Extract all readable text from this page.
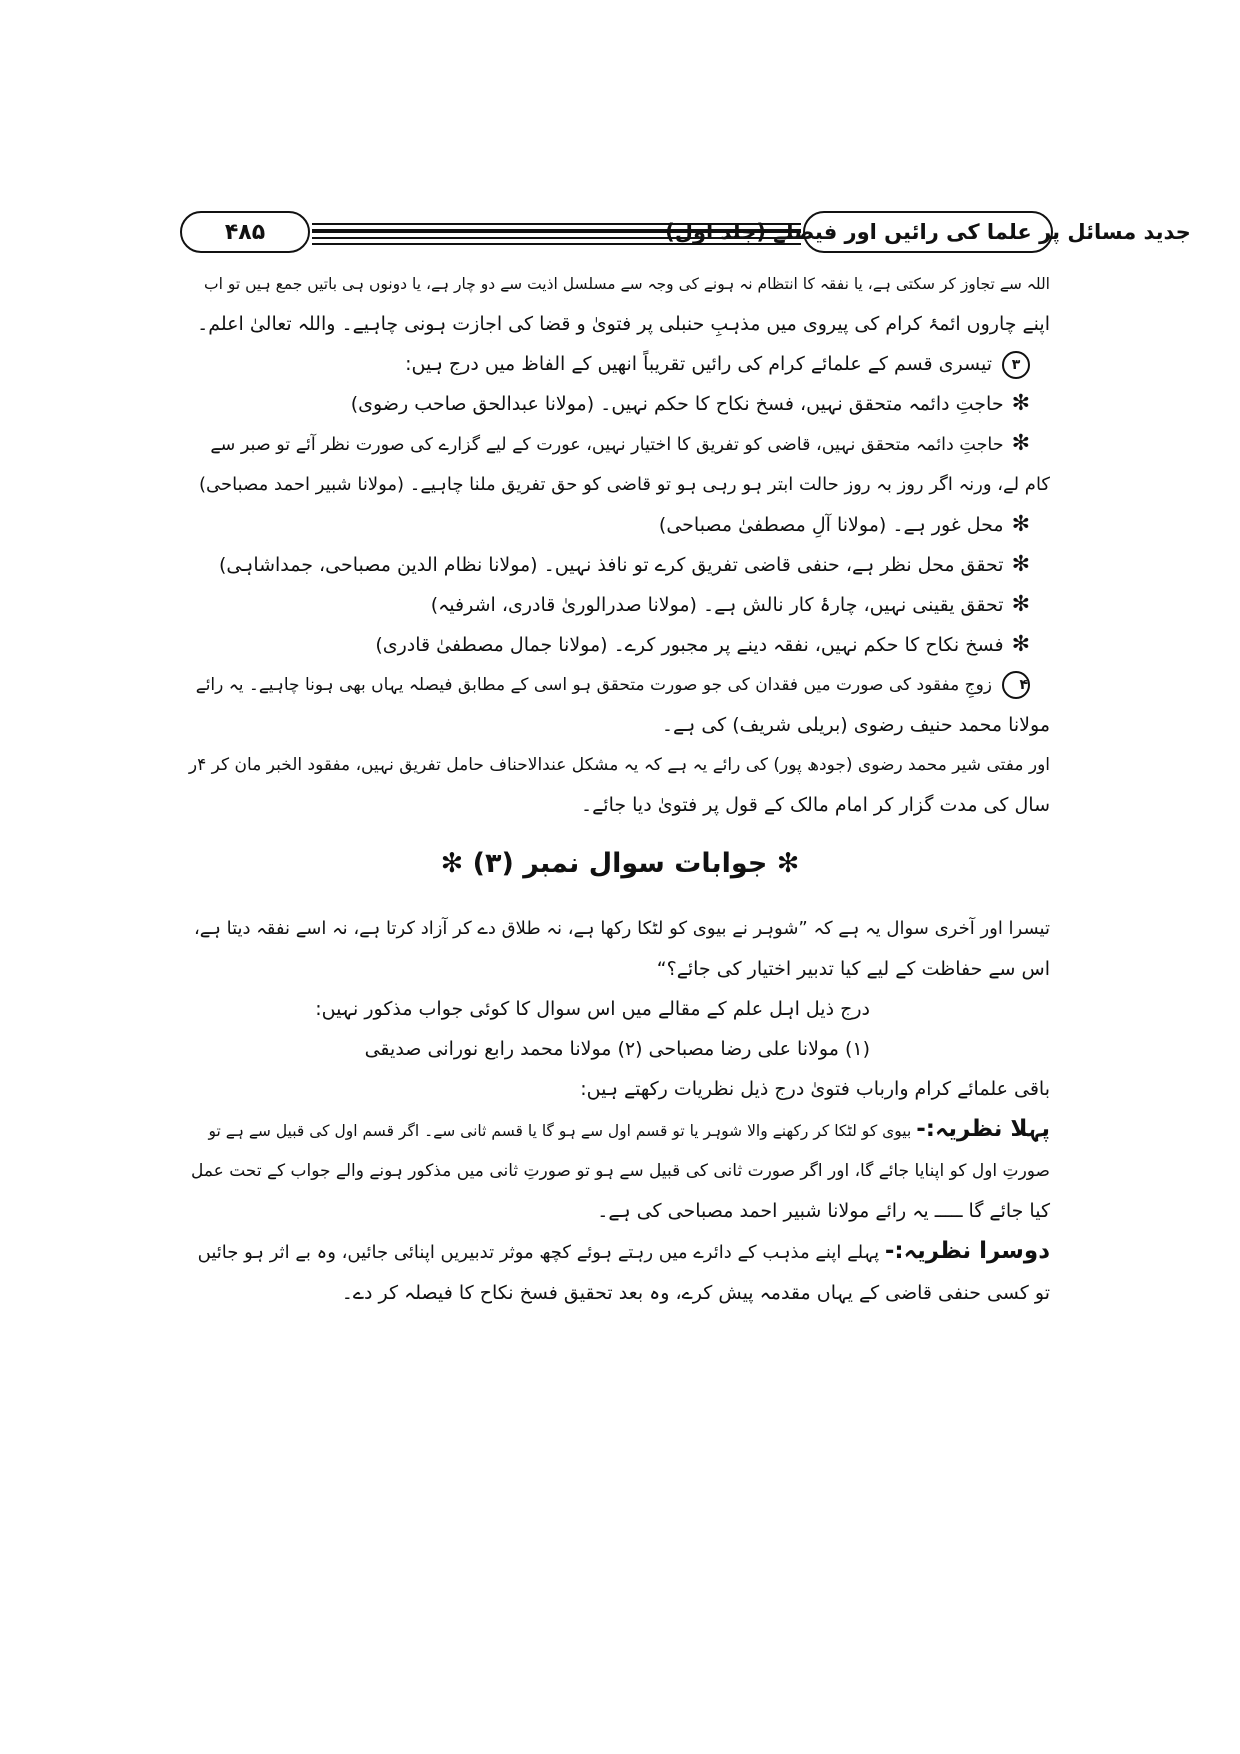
۴۸۵	جدید مسائل پر علما کی رائیں اور فیصلے (جلد اول)

اللہ سے تجاوز کر سکتی ہے، یا نفقہ کا انتظام نہ ہونے کی وجہ سے مسلسل اذیت سے دو چار ہے، یا دونوں ہی باتیں جمع ہیں تو اب

اپنے چاروں ائمۂ کرام کی پیروی میں مذہبِ حنبلی پر فتویٰ و قضا کی اجازت ہونی چاہیے۔ واللہ تعالیٰ اعلم۔

۳تیسری قسم کے علمائے کرام کی رائیں تقریباً انھیں کے الفاظ میں درج ہیں:

✻حاجتِ دائمہ متحقق نہیں، فسخ نکاح کا حکم نہیں۔ (مولانا عبدالحق صاحب رضوی)

✻حاجتِ دائمہ متحقق نہیں، قاضی کو تفریق کا اختیار نہیں، عورت کے لیے گزارے کی صورت نظر آئے تو صبر سے

کام لے، ورنہ اگر روز بہ روز حالت ابتر ہو رہی ہو تو قاضی کو حق تفریق ملنا چاہیے۔ (مولانا شبیر احمد مصباحی)

✻محل غور ہے۔ (مولانا آلِ مصطفیٰ مصباحی)

✻تحقق محل نظر ہے، حنفی قاضی تفریق کرے تو نافذ نہیں۔ (مولانا نظام الدین مصباحی، جمداشاہی)

✻تحقق یقینی نہیں، چارۂ کار نالش ہے۔ (مولانا صدرالوریٰ قادری، اشرفیہ)

✻فسخ نکاح کا حکم نہیں، نفقہ دینے پر مجبور کرے۔ (مولانا جمال مصطفیٰ قادری)

۴زوجِ مفقود کی صورت میں فقدان کی جو صورت متحقق ہو اسی کے مطابق فیصلہ یہاں بھی ہونا چاہیے۔ یہ رائے

مولانا محمد حنیف رضوی (بریلی شریف) کی ہے۔

اور مفتی شیر محمد رضوی (جودھ پور) کی رائے یہ ہے کہ یہ مشکل عندالاحناف حامل تفریق نہیں، مفقود الخبر مان کر ۴ر

سال کی مدت گزار کر امام مالک کے قول پر فتویٰ دیا جائے۔

✻ جوابات سوال نمبر (۳) ✻

تیسرا اور آخری سوال یہ ہے کہ ”شوہر نے بیوی کو لٹکا رکھا ہے، نہ طلاق دے کر آزاد کرتا ہے، نہ اسے نفقہ دیتا ہے،

اس سے حفاظت کے لیے کیا تدبیر اختیار کی جائے؟“

درج ذیل اہل علم کے مقالے میں اس سوال کا کوئی جواب مذکور نہیں:

(۱) مولانا علی رضا مصباحی (۲) مولانا محمد رابع نورانی صدیقی

باقی علمائے کرام وارباب فتویٰ درج ذیل نظریات رکھتے ہیں:

پہلا نظریہ:- بیوی کو لٹکا کر رکھنے والا شوہر یا تو قسم اول سے ہو گا یا قسم ثانی سے۔ اگر قسم اول کی قبیل سے ہے تو

صورتِ اول کو اپنایا جائے گا، اور اگر صورت ثانی کی قبیل سے ہو تو صورتِ ثانی میں مذکور ہونے والے جواب کے تحت عمل

کیا جائے گا ـــــ یہ رائے مولانا شبیر احمد مصباحی کی ہے۔

دوسرا نظریہ:- پہلے اپنے مذہب کے دائرے میں رہتے ہوئے کچھ موثر تدبیریں اپنائی جائیں، وہ بے اثر ہو جائیں

تو کسی حنفی قاضی کے یہاں مقدمہ پیش کرے، وہ بعد تحقیق فسخ نکاح کا فیصلہ کر دے۔
